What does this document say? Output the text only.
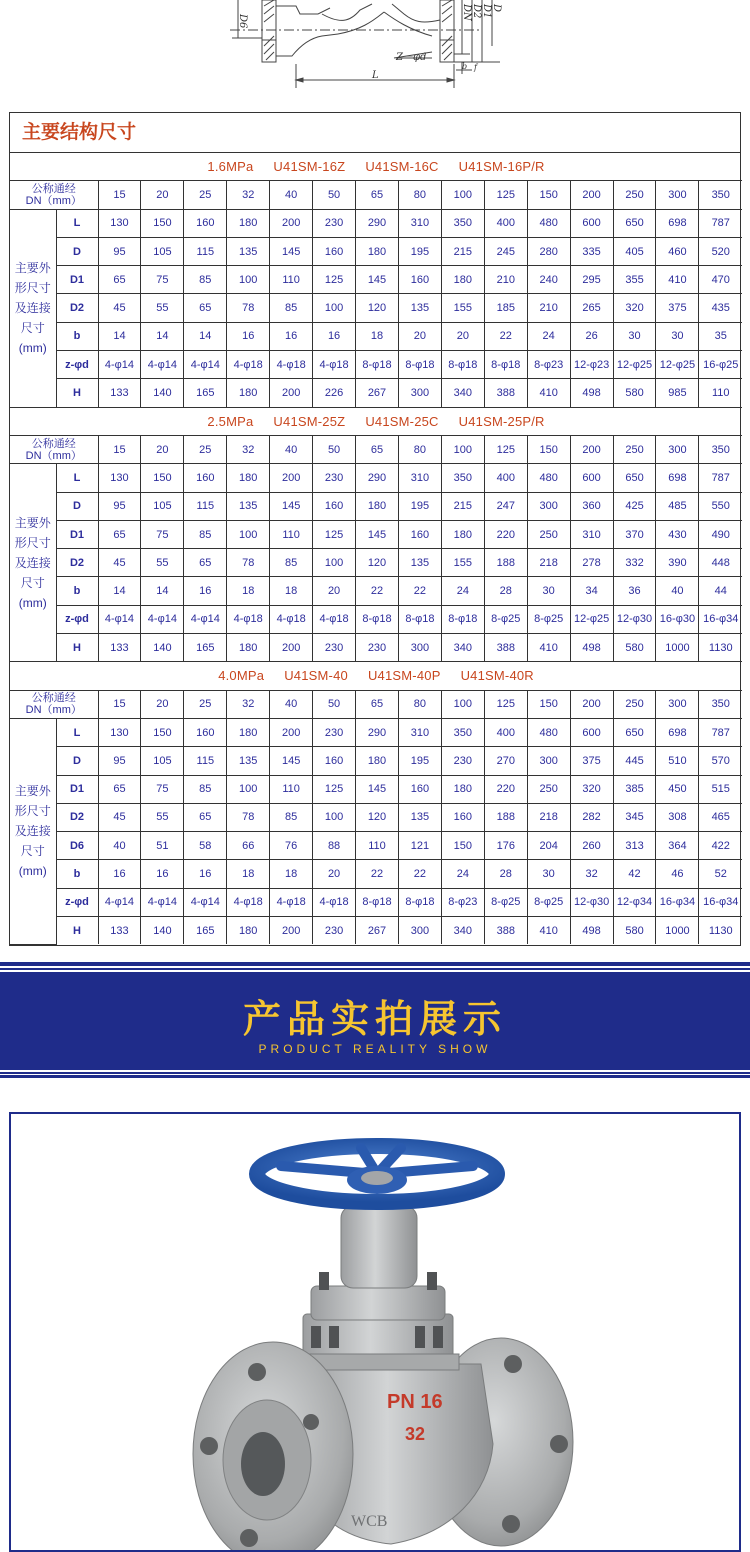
D6
L
Z－φd
DN D2 D1 D
b f
主要结构尺寸
1.6MPa U41SM-16Z U41SM-16C U41SM-16P/R																

公称通经
DN（mm）		15	20	25	32	40	50	65	80	100	125	150	200	250	300	350
主要外形尺寸及连接尺寸(mm)	L	130	150	160	180	200	230	290	310	350	400	480	600	650	698	787
	D	95	105	115	135	145	160	180	195	215	245	280	335	405	460	520
	D1	65	75	85	100	110	125	145	160	180	210	240	295	355	410	470
	D2	45	55	65	78	85	100	120	135	155	185	210	265	320	375	435
	b	14	14	14	16	16	16	18	20	20	22	24	26	30	30	35
	z-φd	4-φ14	4-φ14	4-φ14	4-φ18	4-φ18	4-φ18	8-φ18	8-φ18	8-φ18	8-φ18	8-φ23	12-φ23	12-φ25	12-φ25	16-φ25
	H	133	140	165	180	200	226	267	300	340	388	410	498	580	985	110
2.5MPa U41SM-25Z U41SM-25C U41SM-25P/R																

公称通经
DN（mm）		15	20	25	32	40	50	65	80	100	125	150	200	250	300	350
主要外形尺寸及连接尺寸(mm)	L	130	150	160	180	200	230	290	310	350	400	480	600	650	698	787
	D	95	105	115	135	145	160	180	195	215	247	300	360	425	485	550
	D1	65	75	85	100	110	125	145	160	180	220	250	310	370	430	490
	D2	45	55	65	78	85	100	120	135	155	188	218	278	332	390	448
	b	14	14	16	18	18	20	22	22	24	28	30	34	36	40	44
	z-φd	4-φ14	4-φ14	4-φ14	4-φ18	4-φ18	4-φ18	8-φ18	8-φ18	8-φ18	8-φ25	8-φ25	12-φ25	12-φ30	16-φ30	16-φ34
	H	133	140	165	180	200	230	230	300	340	388	410	498	580	1000	1130
4.0MPa U41SM-40 U41SM-40P U41SM-40R																

公称通经
DN（mm）		15	20	25	32	40	50	65	80	100	125	150	200	250	300	350
主要外形尺寸及连接尺寸(mm)	L	130	150	160	180	200	230	290	310	350	400	480	600	650	698	787
	D	95	105	115	135	145	160	180	195	230	270	300	375	445	510	570
	D1	65	75	85	100	110	125	145	160	180	220	250	320	385	450	515
	D2	45	55	65	78	85	100	120	135	160	188	218	282	345	308	465
	D6	40	51	58	66	76	88	110	121	150	176	204	260	313	364	422
	b	16	16	16	18	18	20	22	22	24	28	30	32	42	46	52
	z-φd	4-φ14	4-φ14	4-φ14	4-φ18	4-φ18	4-φ18	8-φ18	8-φ18	8-φ23	8-φ25	8-φ25	12-φ30	12-φ34	16-φ34	16-φ34
	H	133	140	165	180	200	230	267	300	340	388	410	498	580	1000	1130
产品实拍展示
PRODUCT REALITY SHOW
PN 16
32
WCB
